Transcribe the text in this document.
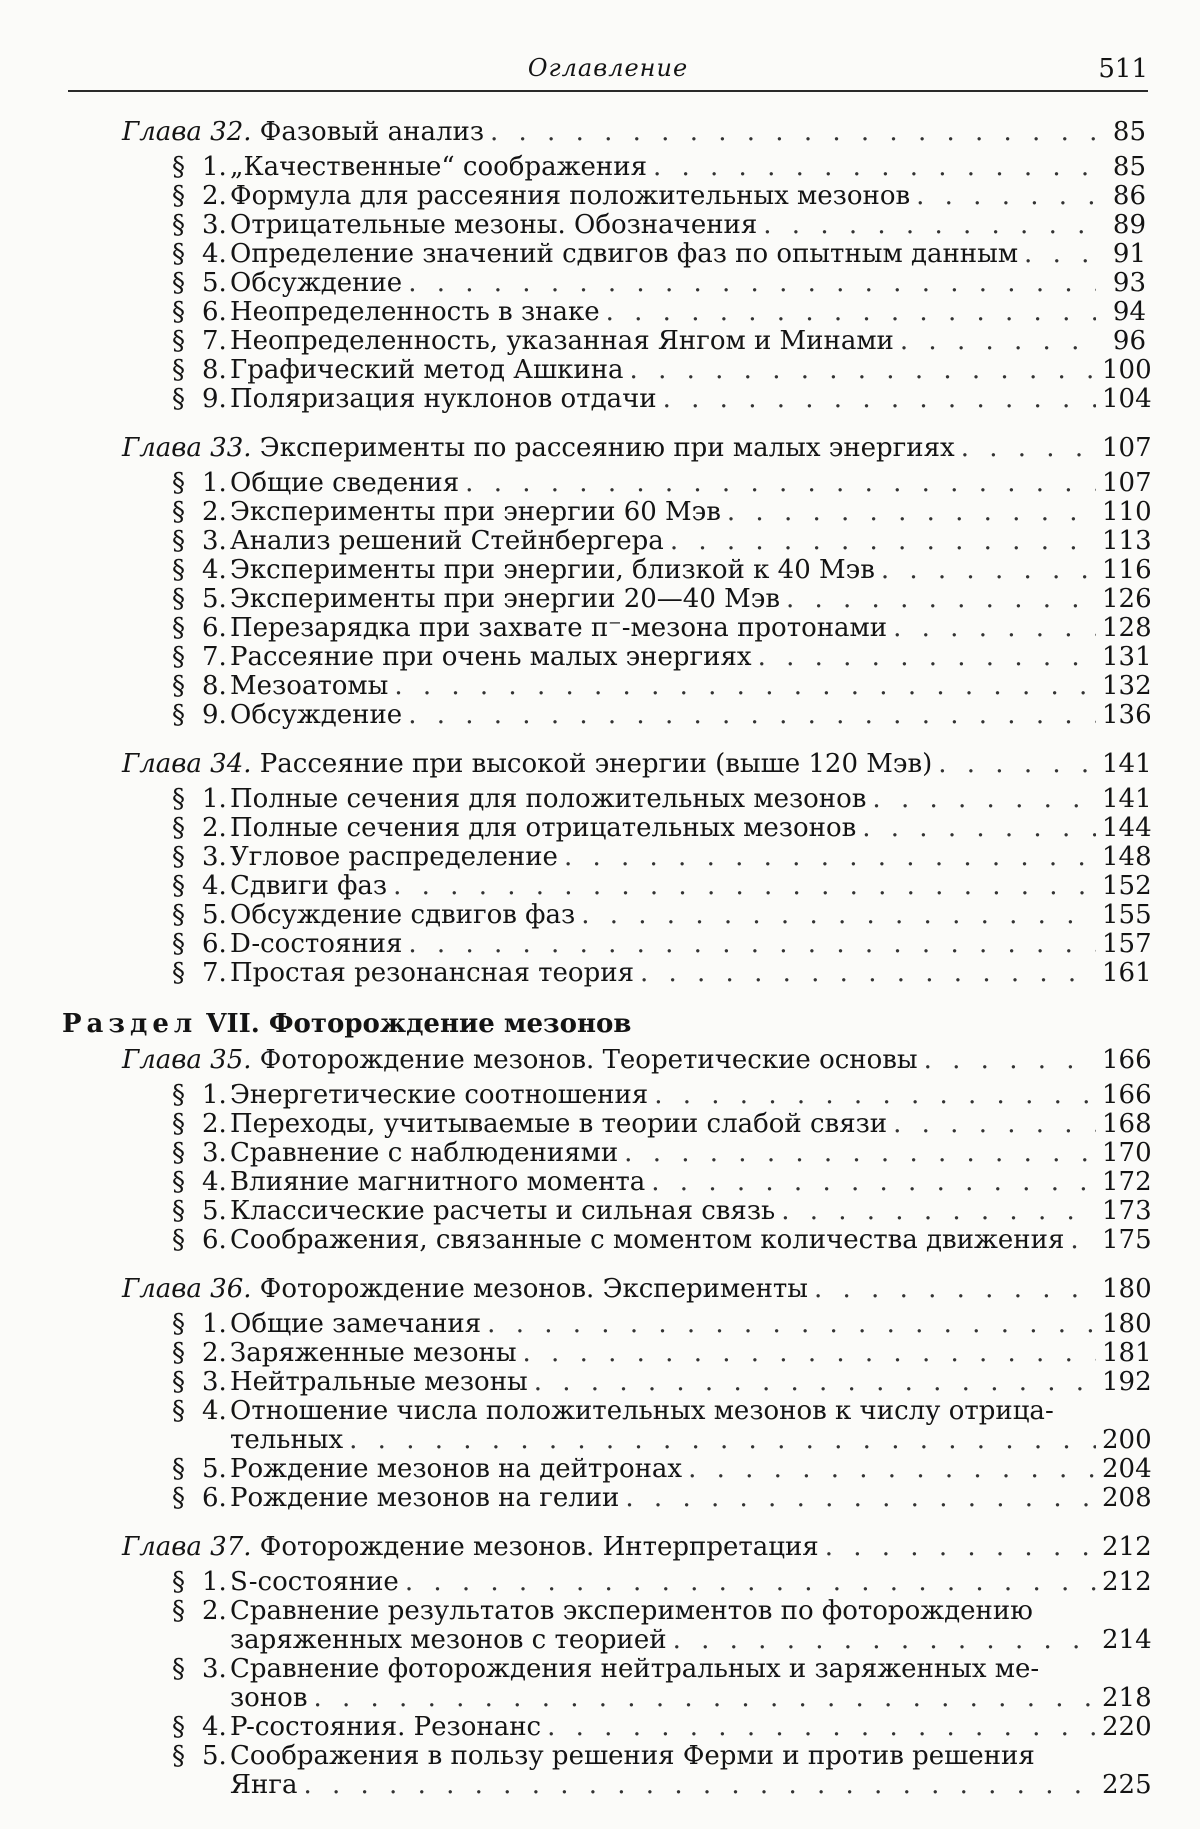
Оглавление	511
Глава 32. Фазовый анализ . . .	85
§ 1. „Качественные“ соображения . . .	85
§ 2. Формула для рассеяния положительных мезонов . . .	86
§ 3. Отрицательные мезоны. Обозначения . . .	89
§ 4. Определение значений сдвигов фаз по опытным данным . . .	91
§ 5. Обсуждение . . .	93
§ 6. Неопределенность в знаке . . .	94
§ 7. Неопределенность, указанная Янгом и Минами . . .	96
§ 8. Графический метод Ашкина . . .	100
§ 9. Поляризация нуклонов отдачи . . .	104
Глава 33. Эксперименты по рассеянию при малых энергиях . . .	107
§ 1. Общие сведения . . .	107
§ 2. Эксперименты при энергии 60 Мэв . . .	110
§ 3. Анализ решений Стейнбергера . . .	113
§ 4. Эксперименты при энергии, близкой к 40 Мэв . . .	116
§ 5. Эксперименты при энергии 20—40 Мэв . . .	126
§ 6. Перезарядка при захвате π⁻-мезона протонами . . .	128
§ 7. Рассеяние при очень малых энергиях . . .	131
§ 8. Мезоатомы . . .	132
§ 9. Обсуждение . . .	136
Глава 34. Рассеяние при высокой энергии (выше 120 Мэв) . . .	141
§ 1. Полные сечения для положительных мезонов . . .	141
§ 2. Полные сечения для отрицательных мезонов . . .	144
§ 3. Угловое распределение . . .	148
§ 4. Сдвиги фаз . . .	152
§ 5. Обсуждение сдвигов фаз . . .	155
§ 6. D-состояния . . .	157
§ 7. Простая резонансная теория . . .	161
Раздел VII. Фоторождение мезонов
Глава 35. Фоторождение мезонов. Теоретические основы . . .	166
§ 1. Энергетические соотношения . . .	166
§ 2. Переходы, учитываемые в теории слабой связи . . .	168
§ 3. Сравнение с наблюдениями . . .	170
§ 4. Влияние магнитного момента . . .	172
§ 5. Классические расчеты и сильная связь . . .	173
§ 6. Соображения, связанные с моментом количества движения . . . 175
Глава 36. Фоторождение мезонов. Эксперименты . . .	180
§ 1. Общие замечания . . .	180
§ 2. Заряженные мезоны . . .	181
§ 3. Нейтральные мезоны . . .	192
§ 4. Отношение числа положительных мезонов к числу отрица-
тельных . . .	200
§ 5. Рождение мезонов на дейтронах . . .	204
§ 6. Рождение мезонов на гелии . . .	208
Глава 37. Фоторождение мезонов. Интерпретация . . .	212
§ 1. S-состояние . . .	212
§ 2. Сравнение результатов экспериментов по фоторождению
заряженных мезонов с теорией . . .	214
§ 3. Сравнение фоторождения нейтральных и заряженных ме-
зонов . . .	218
§ 4. P-состояния. Резонанс . . .	220
§ 5. Соображения в пользу решения Ферми и против решения
Янга . . .	225
